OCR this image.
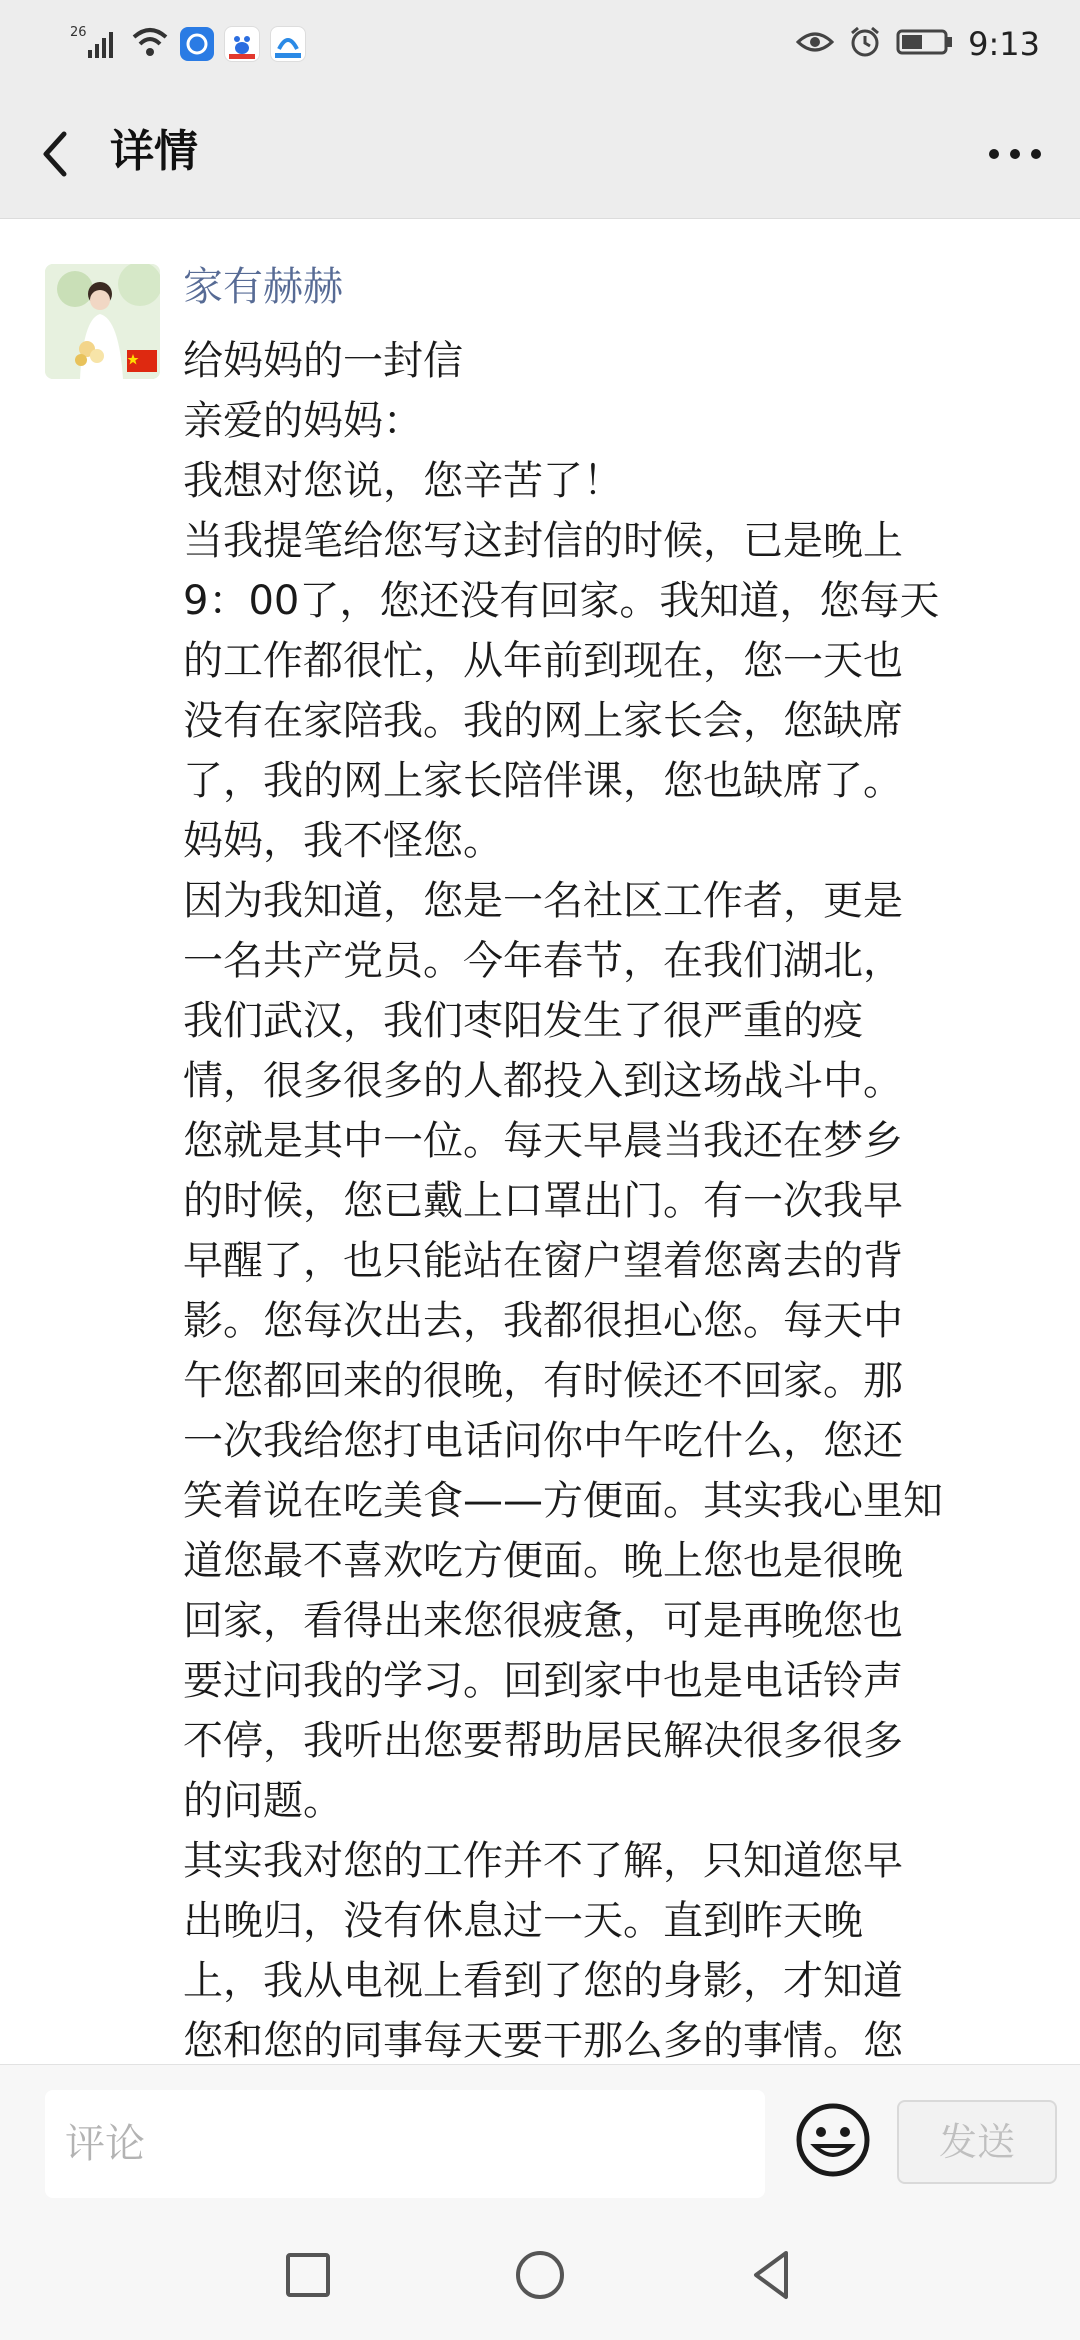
26	9:13
详情
家有赫赫

给妈妈的一封信

亲爱的妈妈：

我想对您说，您辛苦了！

当我提笔给您写这封信的时候，已是晚上

9：00了，您还没有回家。我知道，您每天

的工作都很忙，从年前到现在，您一天也

没有在家陪我。我的网上家长会，您缺席

了，我的网上家长陪伴课，您也缺席了。

妈妈，我不怪您。

因为我知道，您是一名社区工作者，更是

一名共产党员。今年春节，在我们湖北，

我们武汉，我们枣阳发生了很严重的疫

情，很多很多的人都投入到这场战斗中。

您就是其中一位。每天早晨当我还在梦乡

的时候，您已戴上口罩出门。有一次我早

早醒了，也只能站在窗户望着您离去的背

影。您每次出去，我都很担心您。每天中

午您都回来的很晚，有时候还不回家。那

一次我给您打电话问你中午吃什么，您还

笑着说在吃美食——方便面。其实我心里知

道您最不喜欢吃方便面。晚上您也是很晚

回家，看得出来您很疲惫，可是再晚您也

要过问我的学习。回到家中也是电话铃声

不停，我听出您要帮助居民解决很多很多

的问题。

其实我对您的工作并不了解，只知道您早

出晚归，没有休息过一天。直到昨天晚

上，我从电视上看到了您的身影，才知道

您和您的同事每天要干那么多的事情。您

评论
发送
